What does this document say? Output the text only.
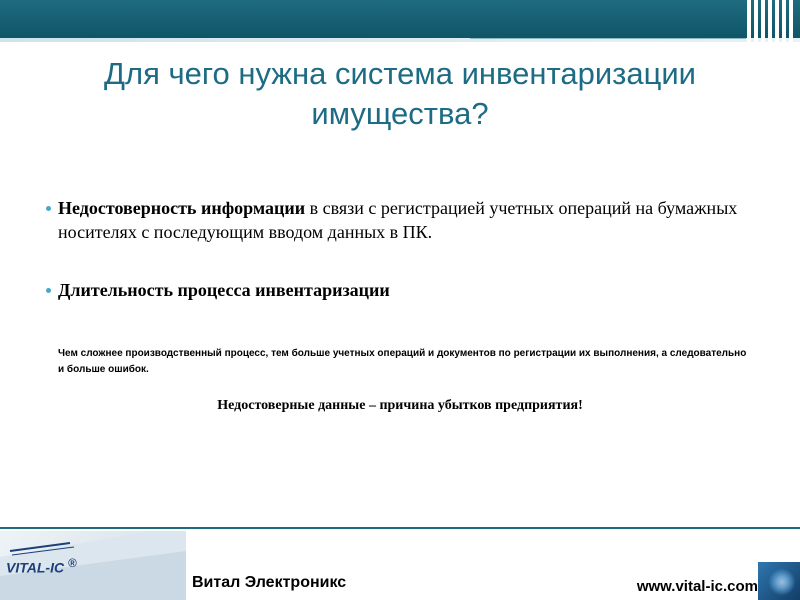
Для чего нужна система инвентаризации имущества?
Недостоверность информации в связи с регистрацией учетных операций на бумажных носителях с последующим вводом данных в ПК.
Длительность процесса инвентаризации
Чем сложнее производственный процесс, тем больше учетных операций и документов по регистрации их выполнения, а следовательно и больше ошибок.
Недостоверные данные – причина убытков предприятия!
VITAL-IC ®
Витал Электроникс	www.vital-ic.com
